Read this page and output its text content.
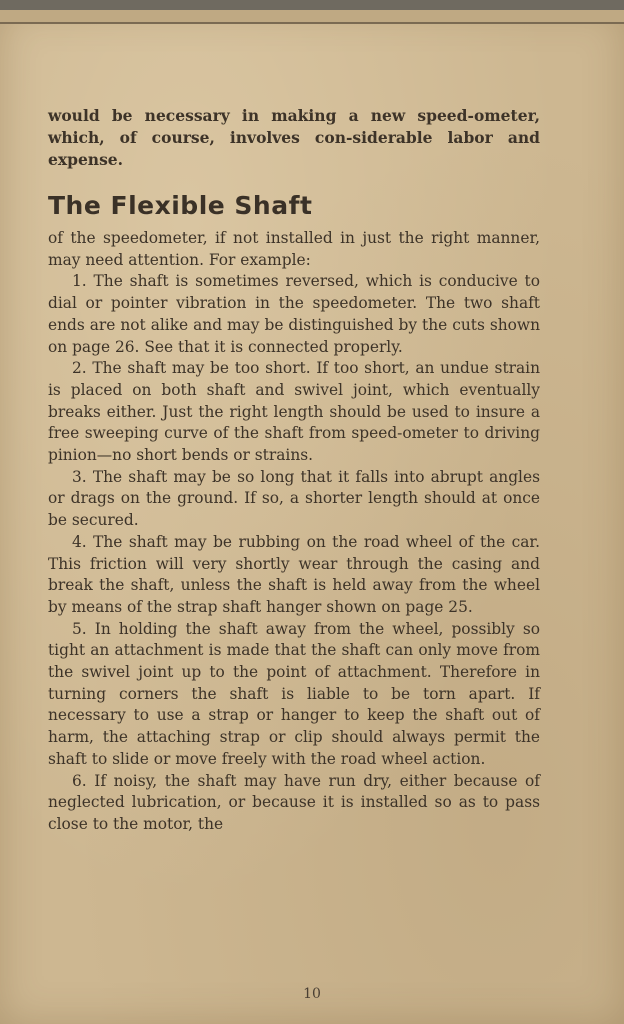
would be necessary in making a new speed-ometer, which, of course, involves con-siderable labor and expense.

The Flexible Shaft

of the speedometer, if not installed in just the right manner, may need attention. For example:

1. The shaft is sometimes reversed, which is conducive to dial or pointer vibration in the speedometer. The two shaft ends are not alike and may be distinguished by the cuts shown on page 26. See that it is connected properly.

2. The shaft may be too short. If too short, an undue strain is placed on both shaft and swivel joint, which eventually breaks either. Just the right length should be used to insure a free sweeping curve of the shaft from speed-ometer to driving pinion—no short bends or strains.

3. The shaft may be so long that it falls into abrupt angles or drags on the ground. If so, a shorter length should at once be secured.

4. The shaft may be rubbing on the road wheel of the car. This friction will very shortly wear through the casing and break the shaft, unless the shaft is held away from the wheel by means of the strap shaft hanger shown on page 25.

5. In holding the shaft away from the wheel, possibly so tight an attachment is made that the shaft can only move from the swivel joint up to the point of attachment. Therefore in turning corners the shaft is liable to be torn apart. If necessary to use a strap or hanger to keep the shaft out of harm, the attaching strap or clip should always permit the shaft to slide or move freely with the road wheel action.

6. If noisy, the shaft may have run dry, either because of neglected lubrication, or because it is installed so as to pass close to the motor, the

10
